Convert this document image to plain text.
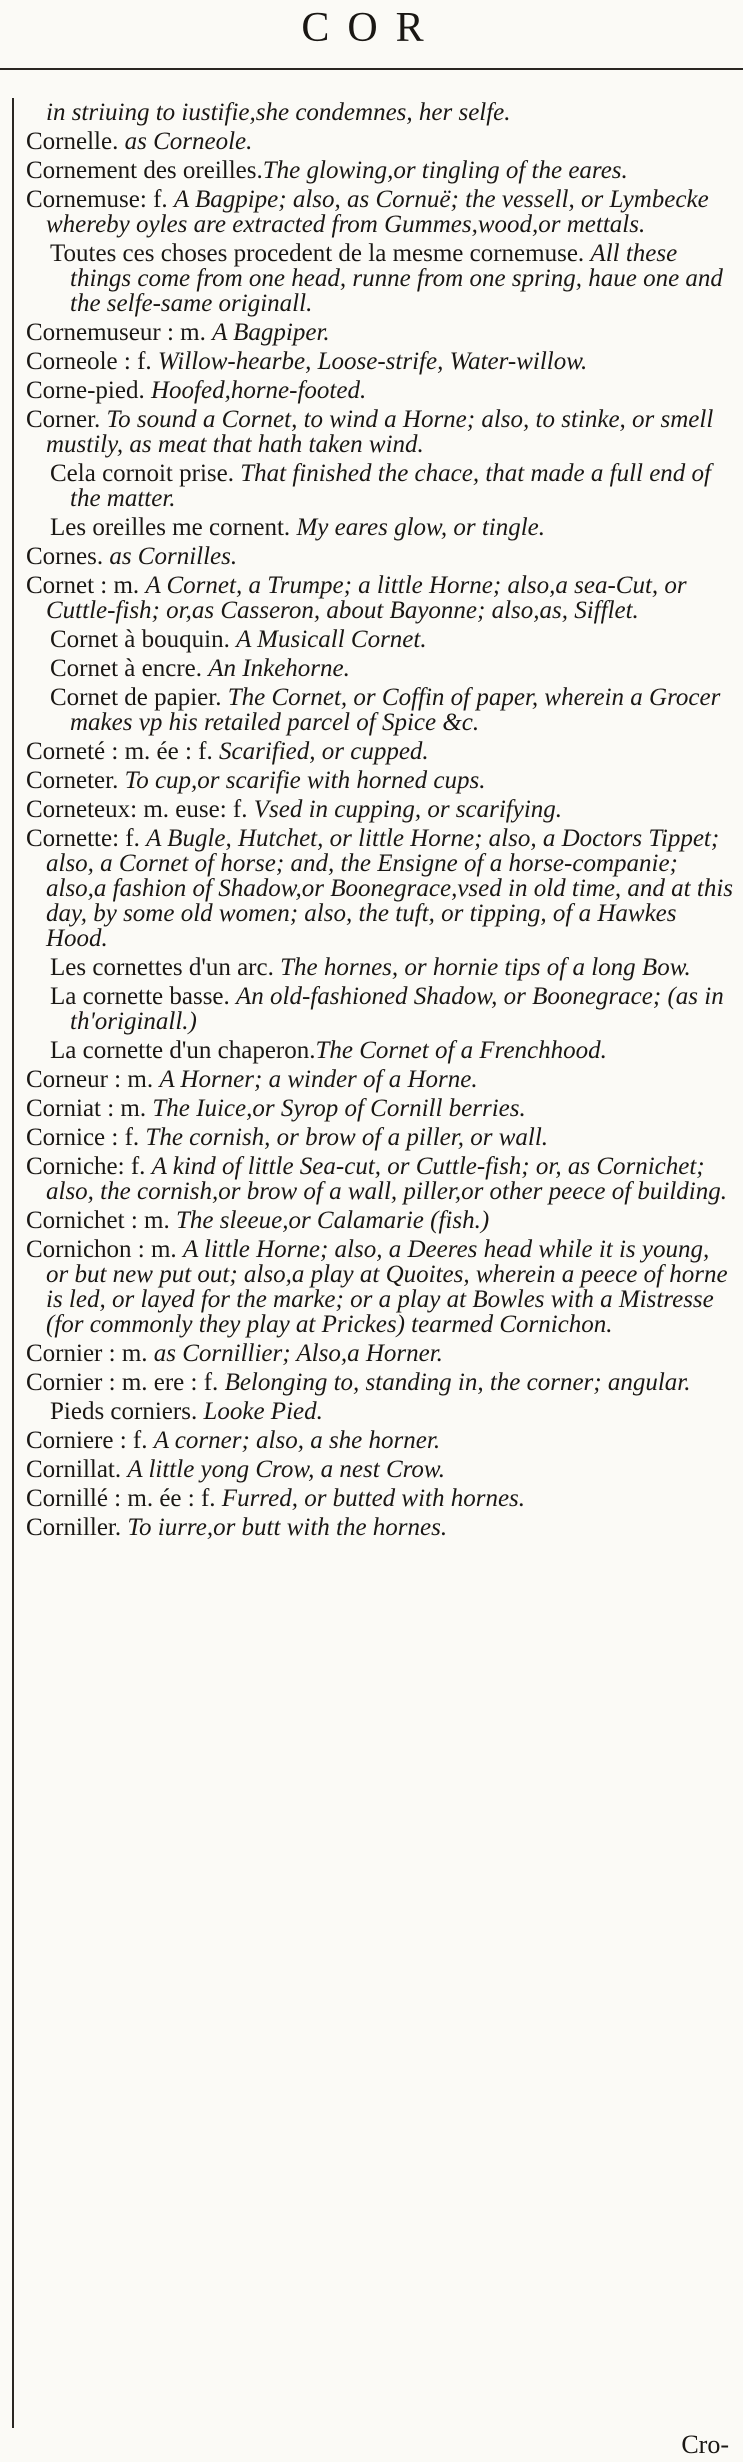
COR
in striuing to iustifie,she condemnes, her selfe.
Cornelle. as Corneole.
Cornement des oreilles.The glowing,or tingling of the eares.
Cornemuse: f. A Bagpipe; also, as Cornuë; the vessell, or Lymbecke whereby oyles are extracted from Gummes,wood,or mettals.
Toutes ces choses procedent de la mesme cornemuse. All these things come from one head, runne from one spring, haue one and the selfe-same originall.
Cornemuseur : m. A Bagpiper.
Corneole : f. Willow-hearbe, Loose-strife, Water-willow.
Corne-pied. Hoofed,horne-footed.
Corner. To sound a Cornet, to wind a Horne; also, to stinke, or smell mustily, as meat that hath taken wind.
Cela cornoit prise. That finished the chace, that made a full end of the matter.
Les oreilles me cornent. My eares glow, or tingle.
Cornes. as Cornilles.
Cornet : m. A Cornet, a Trumpe; a little Horne; also,a sea-Cut, or Cuttle-fish; or,as Casseron, about Bayonne; also,as, Sifflet.
Cornet à bouquin. A Musicall Cornet.
Cornet à encre. An Inkehorne.
Cornet de papier. The Cornet, or Coffin of paper, wherein a Grocer makes vp his retailed parcel of Spice &c.
Corneté : m. ée : f. Scarified, or cupped.
Corneter. To cup,or scarifie with horned cups.
Corneteux: m. euse: f. Vsed in cupping, or scarifying.
Cornette: f. A Bugle, Hutchet, or little Horne; also, a Doctors Tippet; also, a Cornet of horse; and, the Ensigne of a horse-companie; also,a fashion of Shadow,or Boonegrace,vsed in old time, and at this day, by some old women; also, the tuft, or tipping, of a Hawkes Hood.
Les cornettes d'un arc. The hornes, or hornie tips of a long Bow.
La cornette basse. An old-fashioned Shadow, or Boonegrace; (as in th'originall.)
La cornette d'un chaperon.The Cornet of a Frenchhood.
Corneur : m. A Horner; a winder of a Horne.
Corniat : m. The Iuice,or Syrop of Cornill berries.
Cornice : f. The cornish, or brow of a piller, or wall.
Corniche: f. A kind of little Sea-cut, or Cuttle-fish; or, as Cornichet; also, the cornish,or brow of a wall, piller,or other peece of building.
Cornichet : m. The sleeue,or Calamarie (fish.)
Cornichon : m. A little Horne; also, a Deeres head while it is young, or but new put out; also,a play at Quoites, wherein a peece of horne is led, or layed for the marke; or a play at Bowles with a Mistresse (for commonly they play at Prickes) tearmed Cornichon.
Cornier : m. as Cornillier; Also,a Horner.
Cornier : m. ere : f. Belonging to, standing in, the corner; angular.
Pieds corniers. Looke Pied.
Corniere : f. A corner; also, a she horner.
Cornillat. A little yong Crow, a nest Crow.
Cornillé : m. ée : f. Furred, or butted with hornes.
Corniller. To iurre,or butt with the hornes.
Cro-
